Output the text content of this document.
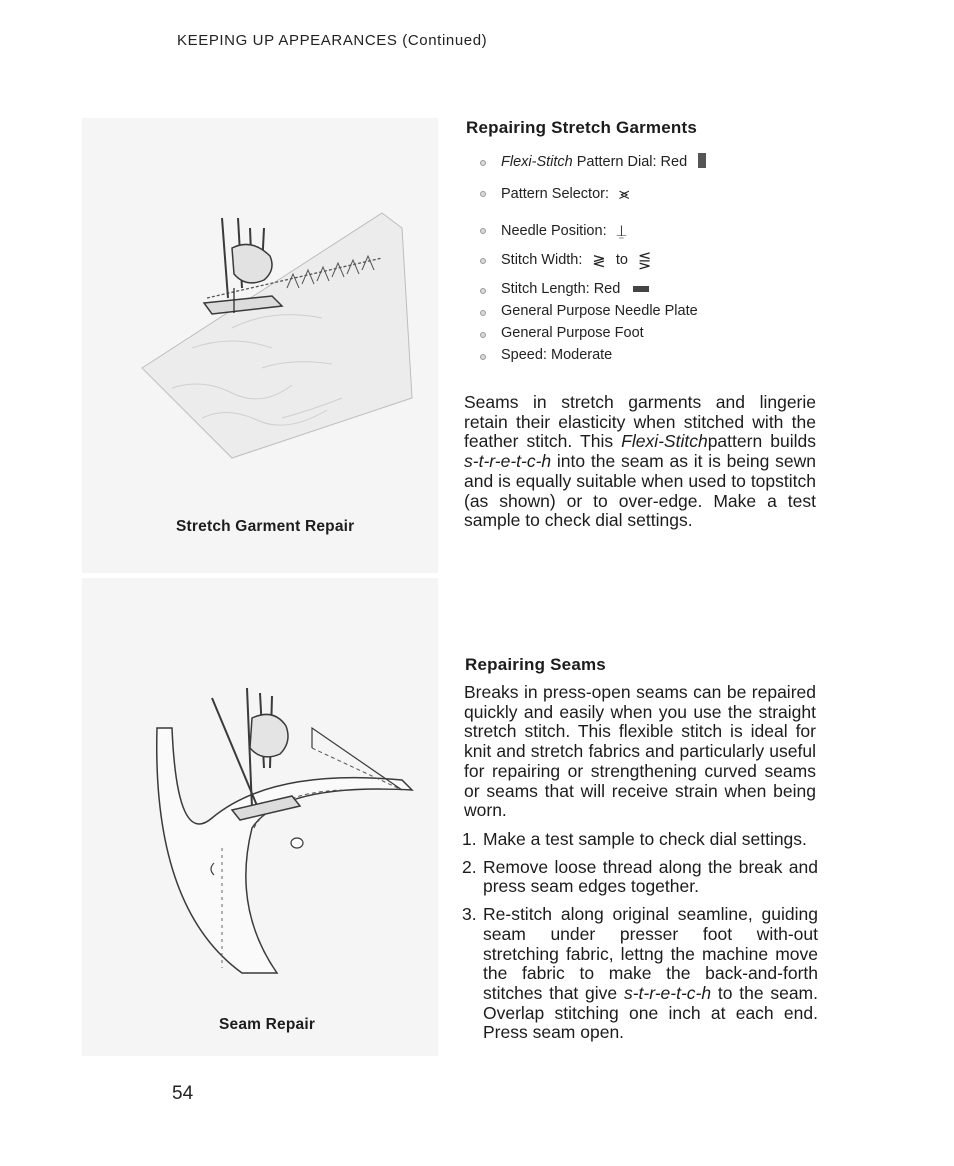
KEEPING UP APPEARANCES (Continued)
Stretch Garment Repair
Seam Repair
Repairing Stretch Garments
Flexi-Stitch Pattern Dial: Red
Pattern Selector: ⪤
Needle Position: ⍊
Stitch Width: ≷ to ⋚
Stitch Length: Red
General Purpose Needle Plate
General Purpose Foot
Speed: Moderate

Seams in stretch garments and lingerie retain their elasticity when stitched with the feather stitch. This Flexi-Stitchpattern builds s-t-r-e-t-c-h into the seam as it is being sewn and is equally suitable when used to topstitch (as shown) or to over-edge. Make a test sample to check dial settings.

Repairing Seams

Breaks in press-open seams can be repaired quickly and easily when you use the straight stretch stitch. This flexible stitch is ideal for knit and stretch fabrics and particularly useful for repairing or strengthening curved seams or seams that will receive strain when being worn.

1. Make a test sample to check dial settings.
2. Remove loose thread along the break and press seam edges together.
3. Re-stitch along original seamline, guiding seam under presser foot with-out stretching fabric, lettng the machine move the fabric to make the back-and-forth stitches that give s-t-r-e-t-c-h to the seam. Overlap stitching one inch at each end. Press seam open.
54
